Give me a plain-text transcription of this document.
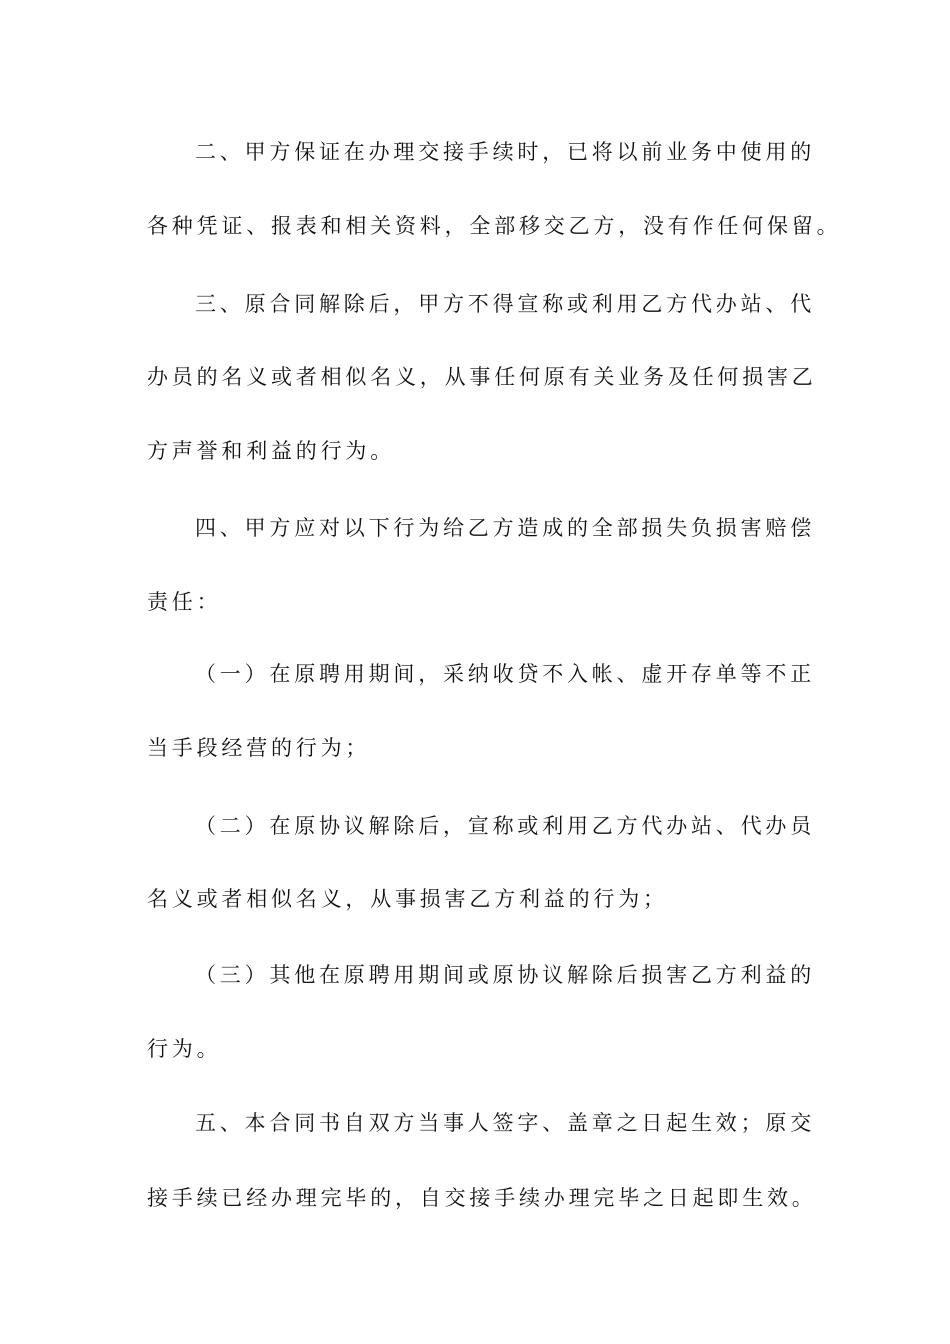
二、甲方保证在办理交接手续时，已将以前业务中使用的
各种凭证、报表和相关资料，全部移交乙方，没有作任何保留。
三、原合同解除后，甲方不得宣称或利用乙方代办站、代
办员的名义或者相似名义，从事任何原有关业务及任何损害乙
方声誉和利益的行为。
四、甲方应对以下行为给乙方造成的全部损失负损害赔偿
责任：
（一）在原聘用期间，采纳收贷不入帐、虚开存单等不正
当手段经营的行为；
（二）在原协议解除后，宣称或利用乙方代办站、代办员
名义或者相似名义，从事损害乙方利益的行为；
（三）其他在原聘用期间或原协议解除后损害乙方利益的
行为。
五、本合同书自双方当事人签字、盖章之日起生效；原交
接手续已经办理完毕的，自交接手续办理完毕之日起即生效。
